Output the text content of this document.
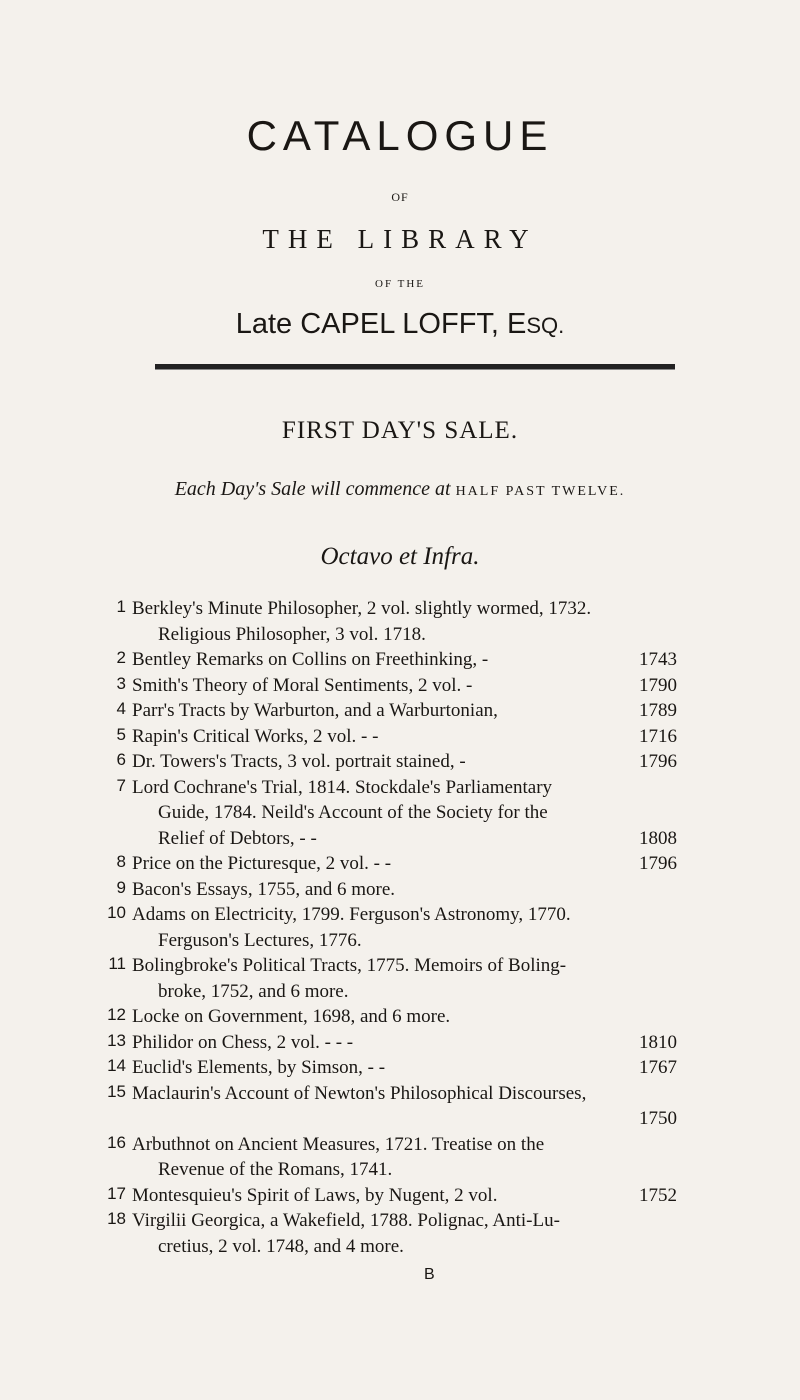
CATALOGUE
OF
THE LIBRARY
OF THE
Late CAPEL LOFFT, ESQ.
FIRST DAY'S SALE.
Each Day's Sale will commence at HALF PAST TWELVE.
Octavo et Infra.
1 Berkley's Minute Philosopher, 2 vol. slightly wormed, 1732.
Religious Philosopher, 3 vol. 1718.
2 Bentley Remarks on Collins on Freethinking, -	1743
3 Smith's Theory of Moral Sentiments, 2 vol. -	1790
4 Parr's Tracts by Warburton, and a Warburtonian,	1789
5 Rapin's Critical Works, 2 vol. - -	1716
6 Dr. Towers's Tracts, 3 vol. portrait stained, -	1796
7 Lord Cochrane's Trial, 1814. Stockdale's Parliamentary
Guide, 1784. Neild's Account of the Society for the
Relief of Debtors, - -	1808
8 Price on the Picturesque, 2 vol. - -	1796
9 Bacon's Essays, 1755, and 6 more.
10 Adams on Electricity, 1799. Ferguson's Astronomy, 1770.
Ferguson's Lectures, 1776.
11 Bolingbroke's Political Tracts, 1775. Memoirs of Boling-
broke, 1752, and 6 more.
12 Locke on Government, 1698, and 6 more.
13 Philidor on Chess, 2 vol. - - -	1810
14 Euclid's Elements, by Simson, - -	1767
15 Maclaurin's Account of Newton's Philosophical Discourses,
1750
16 Arbuthnot on Ancient Measures, 1721. Treatise on the
Revenue of the Romans, 1741.
17 Montesquieu's Spirit of Laws, by Nugent, 2 vol.	1752
18 Virgilii Georgica, a Wakefield, 1788. Polignac, Anti-Lu-
cretius, 2 vol. 1748, and 4 more.
B
